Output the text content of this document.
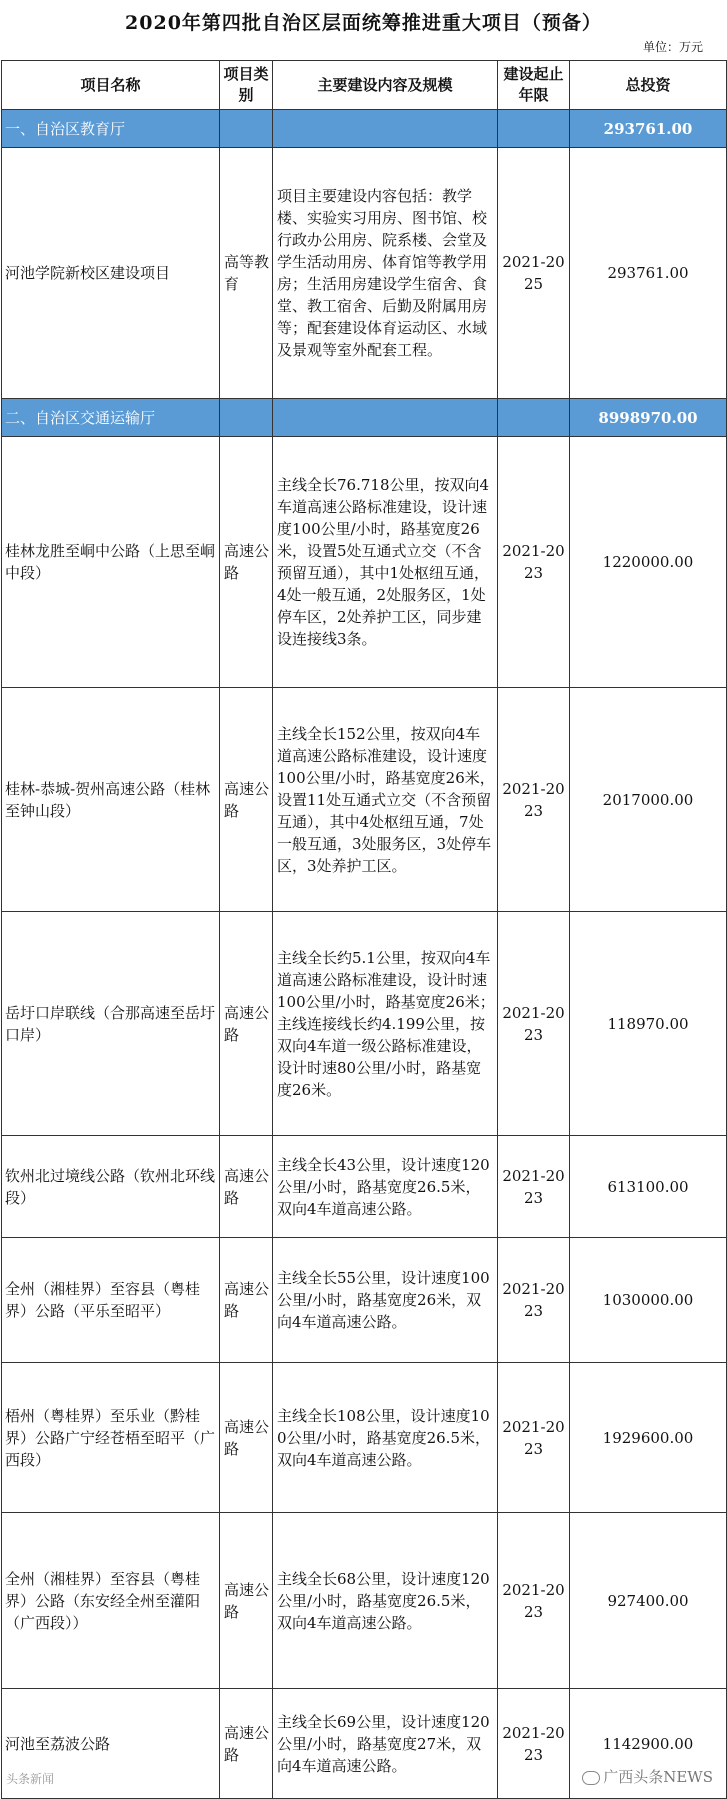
2020年第四批自治区层面统筹推进重大项目（预备）
单位：万元
项目名称	项目类别	主要建设内容及规模	建设起止年限	总投资
一、自治区教育厅				293761.00
河池学院新校区建设项目	高等教育	项目主要建设内容包括：教学楼、实验实习用房、图书馆、校行政办公用房、院系楼、会堂及学生活动用房、体育馆等教学用房；生活用房建设学生宿舍、食堂、教工宿舍、后勤及附属用房等；配套建设体育运动区、水域及景观等室外配套工程。	2021-2025	293761.00
二、自治区交通运输厅				8998970.00
桂林龙胜至峒中公路（上思至峒中段）	高速公路	主线全长76.718公里，按双向4车道高速公路标准建设，设计速度100公里/小时，路基宽度26米，设置5处互通式立交（不含预留互通），其中1处枢纽互通，4处一般互通，2处服务区，1处停车区，2处养护工区，同步建设连接线3条。	2021-2023	1220000.00
桂林-恭城-贺州高速公路（桂林至钟山段）	高速公路	主线全长152公里，按双向4车道高速公路标准建设，设计速度100公里/小时，路基宽度26米，设置11处互通式立交（不含预留互通），其中4处枢纽互通，7处一般互通，3处服务区，3处停车区，3处养护工区。	2021-2023	2017000.00
岳圩口岸联线（合那高速至岳圩口岸）	高速公路	主线全长约5.1公里，按双向4车道高速公路标准建设，设计时速100公里/小时，路基宽度26米；主线连接线长约4.199公里，按双向4车道一级公路标准建设，设计时速80公里/小时，路基宽度26米。	2021-2023	118970.00
钦州北过境线公路（钦州北环线段）	高速公路	主线全长43公里，设计速度120公里/小时，路基宽度26.5米，双向4车道高速公路。	2021-2023	613100.00
全州（湘桂界）至容县（粤桂界）公路（平乐至昭平）	高速公路	主线全长55公里，设计速度100公里/小时，路基宽度26米，双向4车道高速公路。	2021-2023	1030000.00
梧州（粤桂界）至乐业（黔桂界）公路广宁经苍梧至昭平（广西段）	高速公路	主线全长108公里，设计速度100公里/小时，路基宽度26.5米，双向4车道高速公路。	2021-2023	1929600.00
全州（湘桂界）至容县（粤桂界）公路（东安经全州至灌阳（广西段））	高速公路	主线全长68公里，设计速度120公里/小时，路基宽度26.5米，双向4车道高速公路。	2021-2023	927400.00
河池至荔波公路	高速公路	主线全长69公里，设计速度120公里/小时，路基宽度27米，双向4车道高速公路。	2021-2023	1142900.00
头条新闻	广西头条NEWS
